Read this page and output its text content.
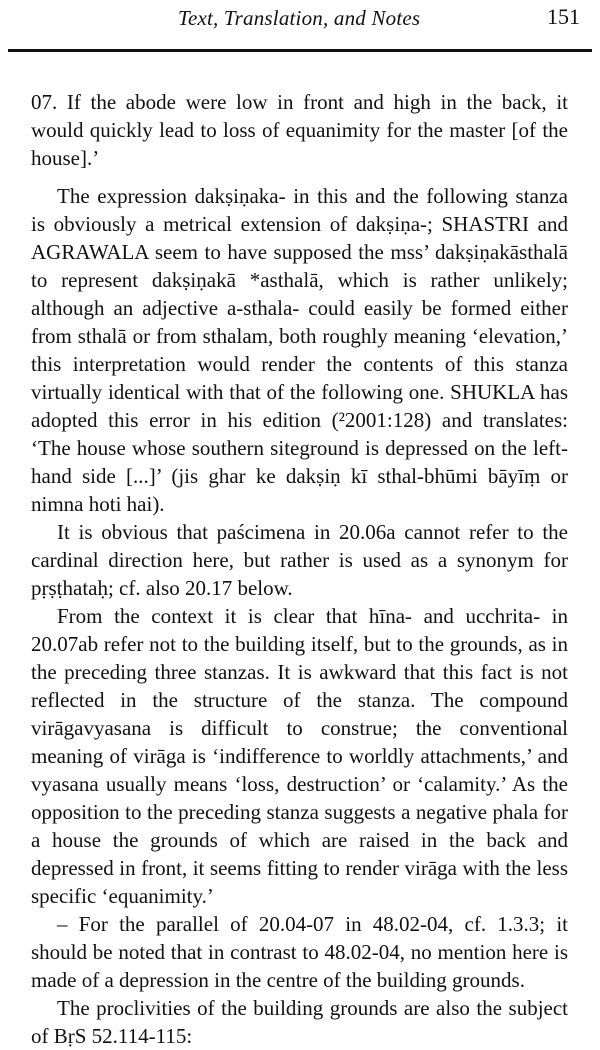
Text, Translation, and Notes	151

07. If the abode were low in front and high in the back, it would quickly lead to loss of equanimity for the master [of the house].’

The expression dakṣiṇaka- in this and the following stanza is obviously a metrical extension of dakṣiṇa-; SHASTRI and AGRAWALA seem to have supposed the mss’ dakṣiṇakāsthalā to represent dakṣiṇakā *asthalā, which is rather unlikely; although an adjective a-sthala- could easily be formed either from sthalā or from sthalam, both roughly meaning ‘elevation,’ this interpretation would render the contents of this stanza virtually identical with that of the following one. SHUKLA has adopted this error in his edition (²2001:128) and translates: ‘The house whose southern siteground is depressed on the left-hand side [...]’ (jis ghar ke dakṣiṇ kī sthal-bhūmi bāyīṃ or nimna hoti hai).

It is obvious that paścimena in 20.06a cannot refer to the cardinal direction here, but rather is used as a synonym for pṛṣṭhataḥ; cf. also 20.17 below.

From the context it is clear that hīna- and ucchrita- in 20.07ab refer not to the building itself, but to the grounds, as in the preceding three stanzas. It is awkward that this fact is not reflected in the structure of the stanza. The compound virāgavyasana is difficult to construe; the conventional meaning of virāga is ‘indifference to worldly attachments,’ and vyasana usually means ‘loss, destruction’ or ‘calamity.’ As the opposition to the preceding stanza suggests a negative phala for a house the grounds of which are raised in the back and depressed in front, it seems fitting to render virāga with the less specific ‘equanimity.’

– For the parallel of 20.04-07 in 48.02-04, cf. 1.3.3; it should be noted that in contrast to 48.02-04, no mention here is made of a depression in the centre of the building grounds.

The proclivities of the building grounds are also the subject of BṛS 52.114-115:
